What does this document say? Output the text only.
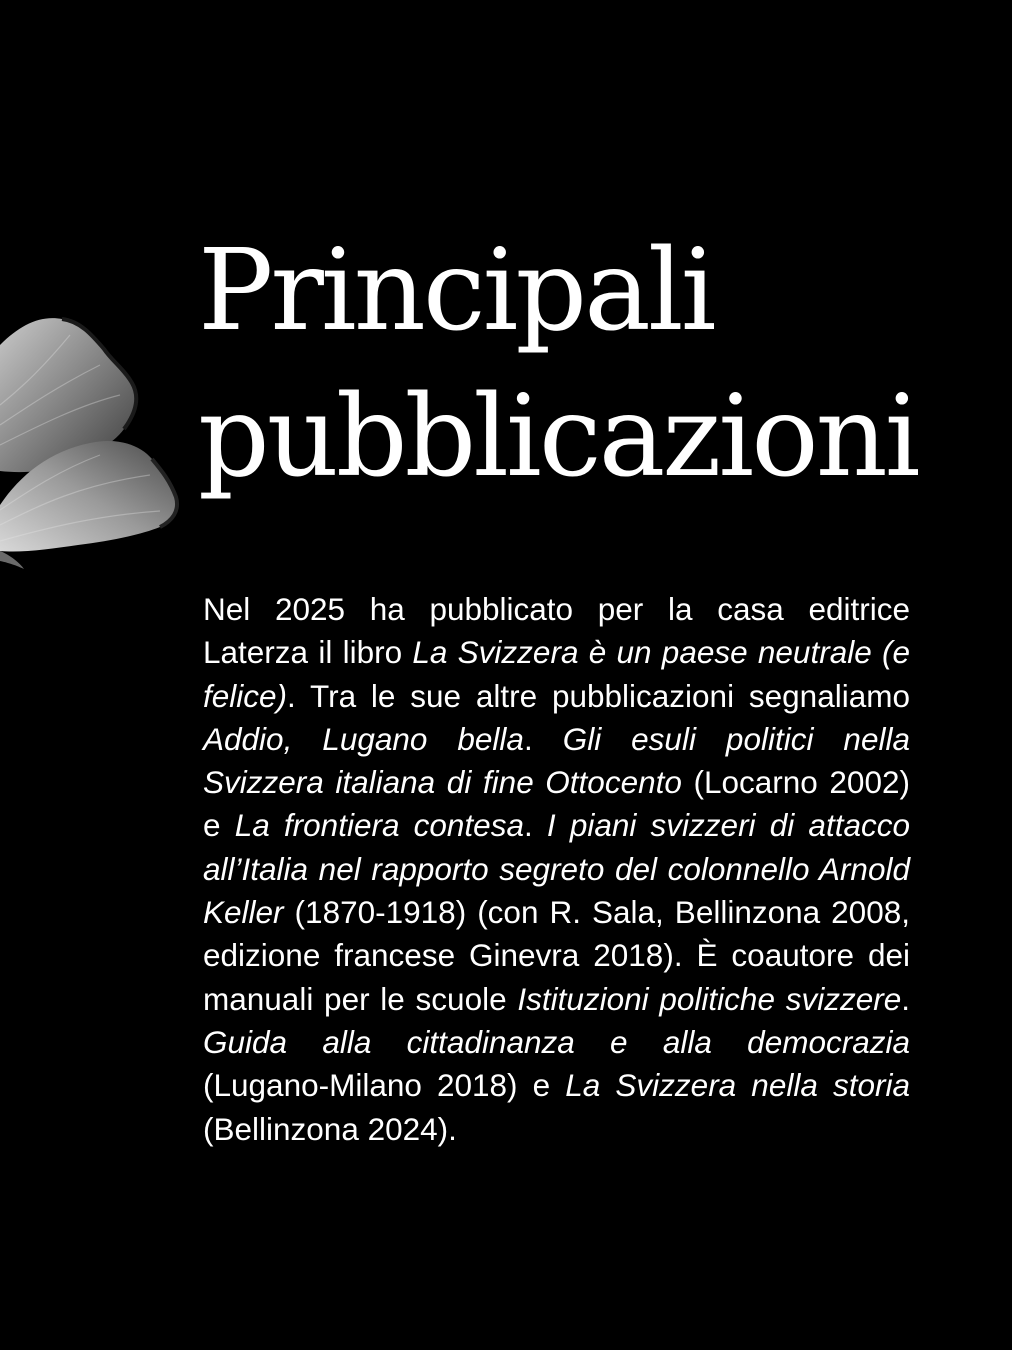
Principali
pubblicazioni

Nel 2025 ha pubblicato per la casa editrice Laterza il libro La Svizzera è un paese neutrale (e felice). Tra le sue altre pubblicazioni segnaliamo Addio, Lugano bella. Gli esuli politici nella Svizzera italiana di fine Ottocento (Locarno 2002) e La frontiera contesa. I piani svizzeri di attacco all’Italia nel rapporto segreto del colonnello Arnold Keller (1870-1918) (con R. Sala, Bellinzona 2008, edizione francese Ginevra 2018). È coautore dei manuali per le scuole Istituzioni politiche svizzere. Guida alla cittadinanza e alla democrazia (Lugano-Milano 2018) e La Svizzera nella storia (Bellinzona 2024).
